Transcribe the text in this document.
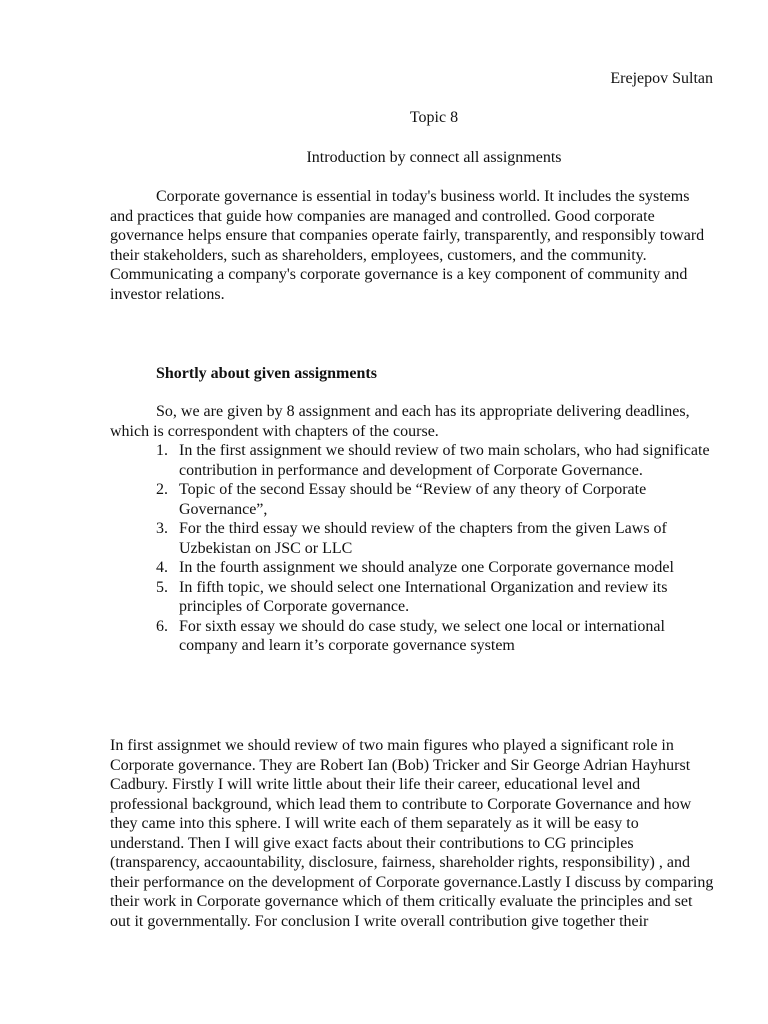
Erejepov Sultan
Topic 8
Introduction by connect all assignments

Corporate governance is essential in today's business world. It includes the systems and practices that guide how companies are managed and controlled. Good corporate governance helps ensure that companies operate fairly, transparently, and responsibly toward their stakeholders, such as shareholders, employees, customers, and the community. Communicating a company's corporate governance is a key component of community and investor relations.

Shortly about given assignments

So, we are given by 8 assignment and each has its appropriate delivering deadlines, which is correspondent with chapters of the course.

1. In the first assignment we should review of two main scholars, who had significate contribution in performance and development of Corporate Governance.
2. Topic of the second Essay should be “Review of any theory of Corporate Governance”,
3. For the third essay we should review of the chapters from the given Laws of Uzbekistan on JSC or LLC
4. In the fourth assignment we should analyze one Corporate governance model
5. In fifth topic, we should select one International Organization and review its principles of Corporate governance.
6. For sixth essay we should do case study, we select one local or international company and learn it’s corporate governance system

In first assignmet we should review of two main figures who played a significant role in Corporate governance. They are Robert Ian (Bob) Tricker and Sir George Adrian Hayhurst Cadbury. Firstly I will write little about their life their career, educational level and professional background, which lead them to contribute to Corporate Governance and how they came into this sphere. I will write each of them separately as it will be easy to understand. Then I will give exact facts about their contributions to CG principles (transparency, accaountability, disclosure, fairness, shareholder rights, responsibility) , and their performance on the development of Corporate governance.Lastly I discuss by comparing their work in Corporate governance which of them critically evaluate the principles and set out it governmentally. For conclusion I write overall contribution give together their
